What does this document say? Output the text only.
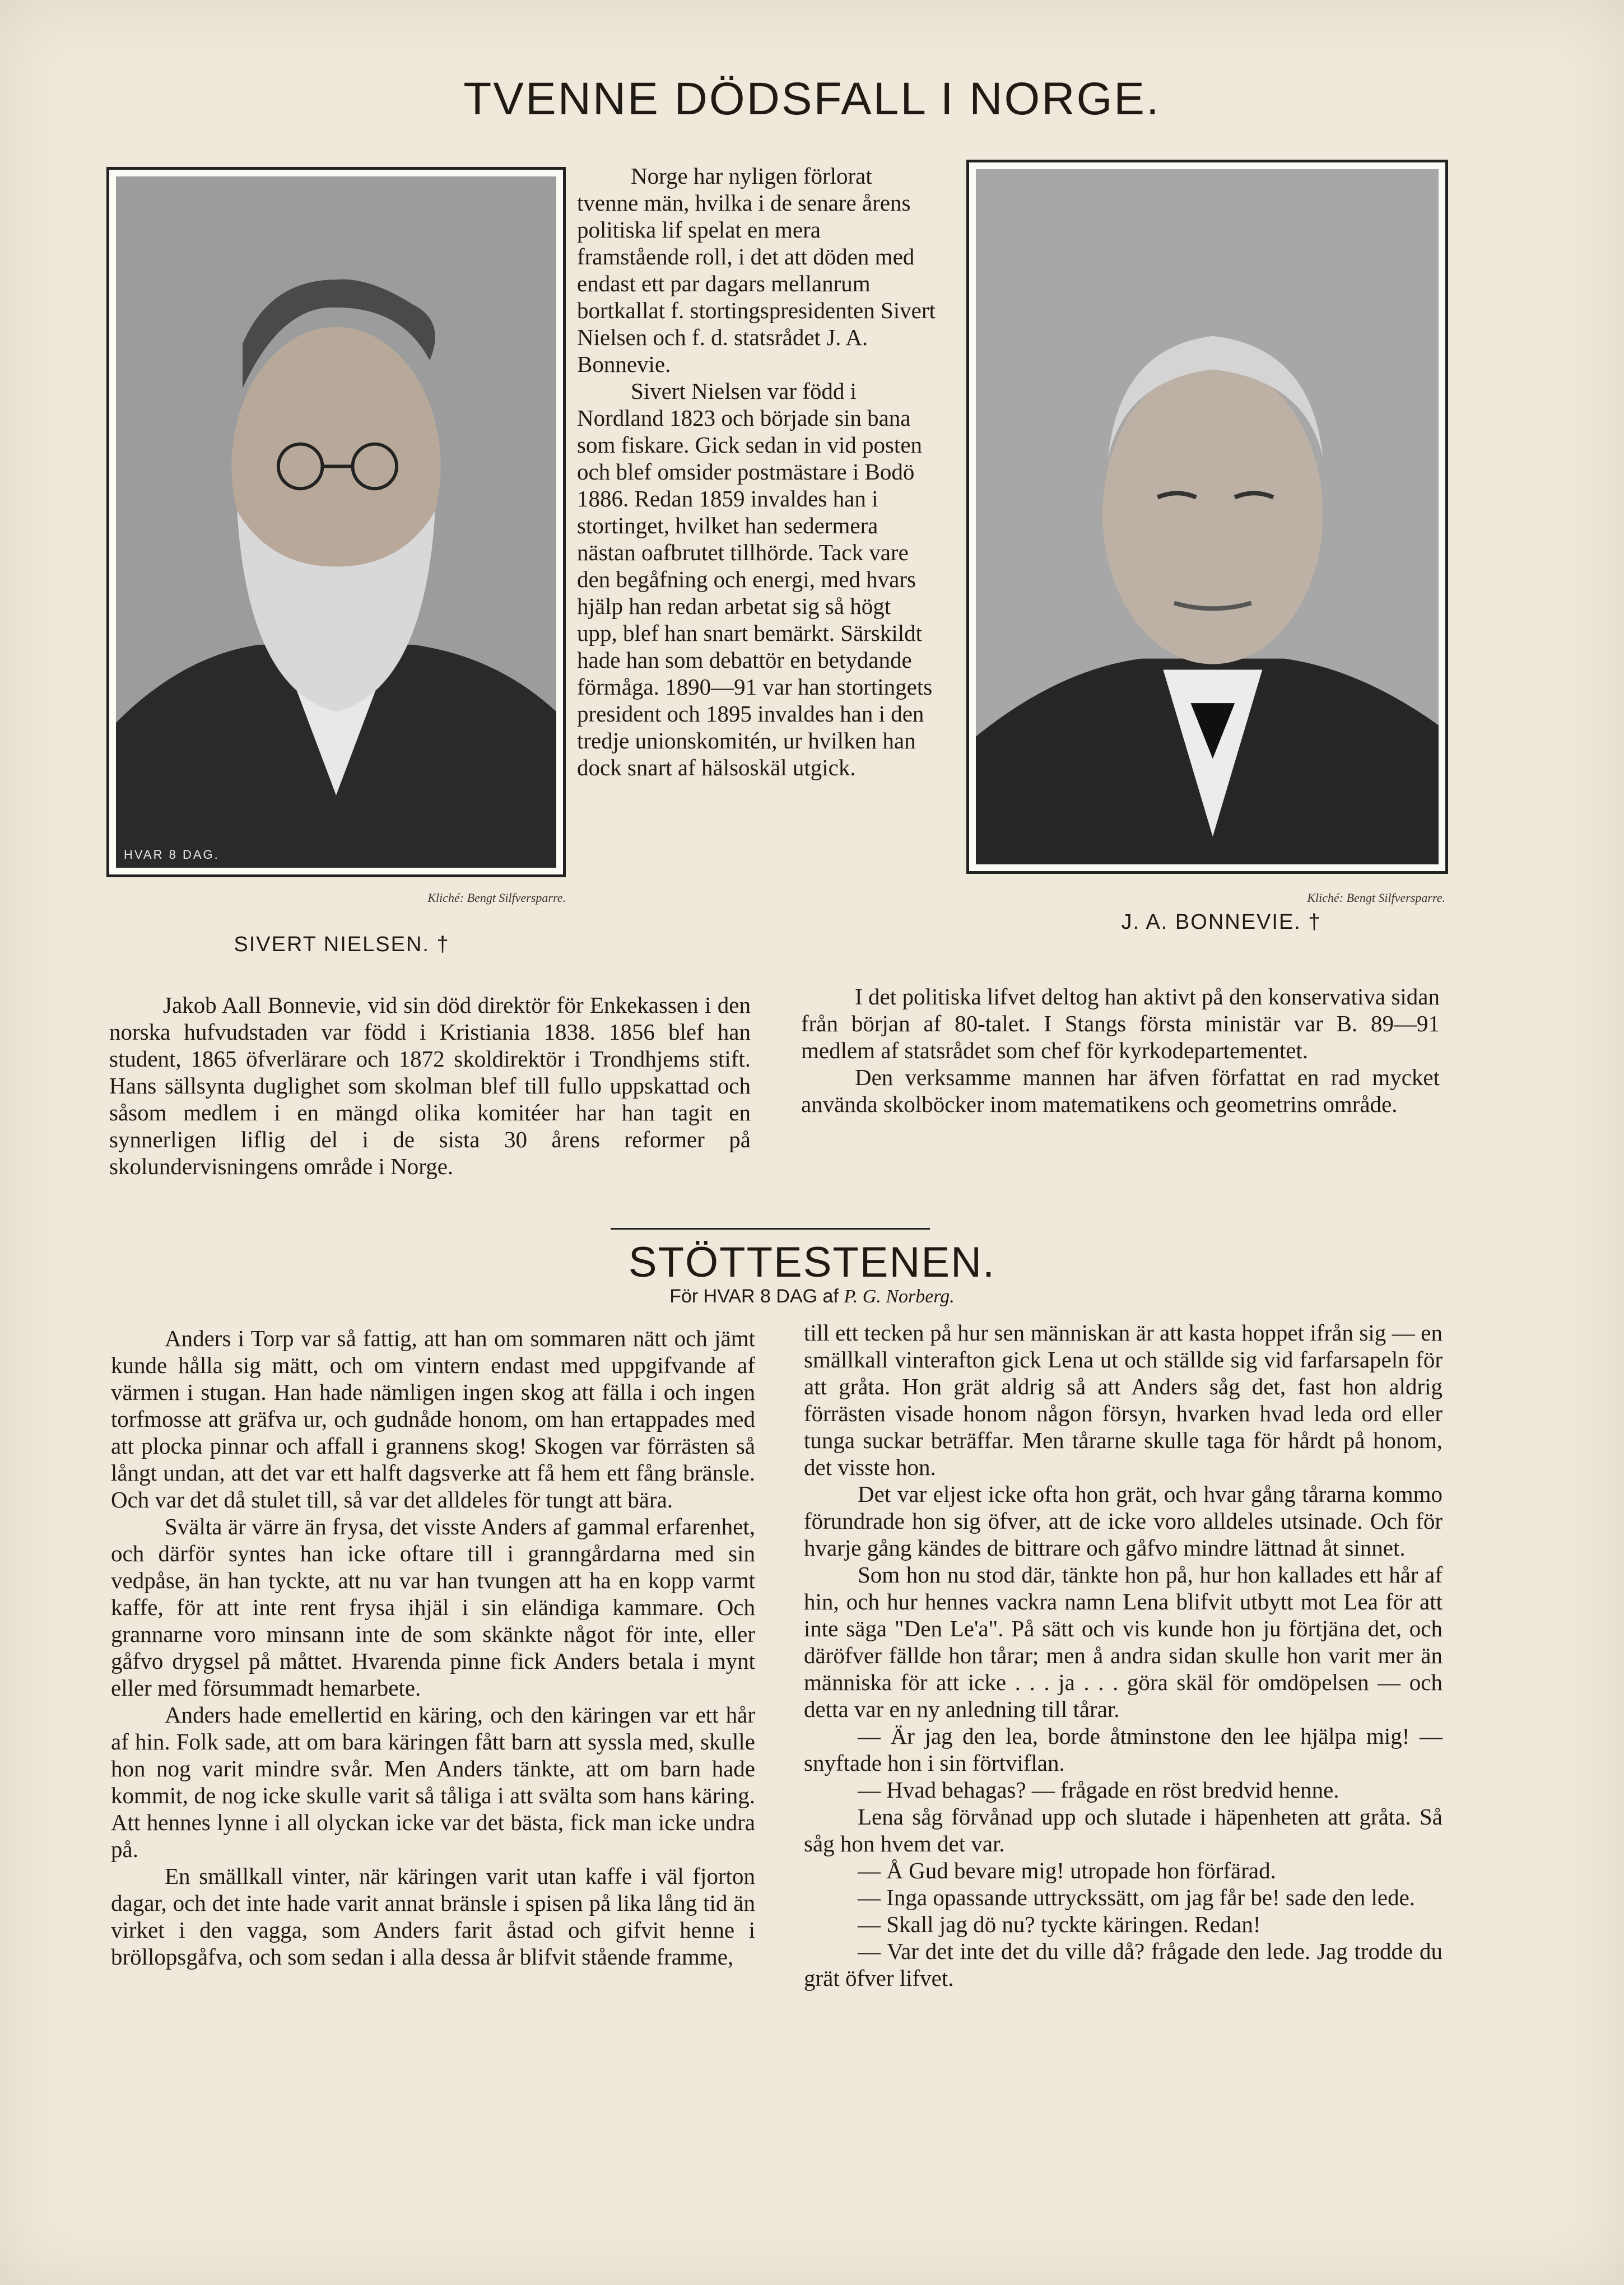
TVENNE DÖDSFALL I NORGE.
HVAR 8 DAG.
Kliché: Bengt Silfversparre.
SIVERT NIELSEN. †
Kliché: Bengt Silfversparre.
J. A. BONNEVIE. †

Norge har nyligen förlorat tvenne män, hvilka i de senare årens politiska lif spelat en mera framstående roll, i det att döden med endast ett par dagars mellanrum bortkallat f. stortingspresidenten Sivert Nielsen och f. d. statsrådet J. A. Bonnevie.

Sivert Nielsen var född i Nordland 1823 och började sin bana som fiskare. Gick sedan in vid posten och blef omsider postmästare i Bodö 1886. Redan 1859 invaldes han i stortinget, hvilket han sedermera nästan oafbrutet tillhörde. Tack vare den begåfning och energi, med hvars hjälp han redan arbetat sig så högt upp, blef han snart bemärkt. Särskildt hade han som debattör en betydande förmåga. 1890—91 var han stortingets president och 1895 invaldes han i den tredje unionskomitén, ur hvilken han dock snart af hälsoskäl utgick.

Jakob Aall Bonnevie, vid sin död direktör för Enkekassen i den norska hufvudstaden var född i Kristiania 1838. 1856 blef han student, 1865 öfverlärare och 1872 skoldirektör i Trondhjems stift. Hans sällsynta duglighet som skolman blef till fullo uppskattad och såsom medlem i en mängd olika komitéer har han tagit en synnerligen liflig del i de sista 30 årens reformer på skolundervisningens område i Norge.

I det politiska lifvet deltog han aktivt på den konservativa sidan från början af 80-talet. I Stangs första ministär var B. 89—91 medlem af statsrådet som chef för kyrkodepartementet.

Den verksamme mannen har äfven författat en rad mycket använda skolböcker inom matematikens och geometrins område.

STÖTTESTENEN.
För HVAR 8 DAG af P. G. Norberg.

Anders i Torp var så fattig, att han om sommaren nätt och jämt kunde hålla sig mätt, och om vintern endast med uppgifvande af värmen i stugan. Han hade nämligen ingen skog att fälla i och ingen torfmosse att gräfva ur, och gudnåde honom, om han ertappades med att plocka pinnar och affall i grannens skog! Skogen var förrästen så långt undan, att det var ett halft dagsverke att få hem ett fång bränsle. Och var det då stulet till, så var det alldeles för tungt att bära.

Svälta är värre än frysa, det visste Anders af gammal erfarenhet, och därför syntes han icke oftare till i granngårdarna med sin vedpåse, än han tyckte, att nu var han tvungen att ha en kopp varmt kaffe, för att inte rent frysa ihjäl i sin eländiga kammare. Och grannarne voro minsann inte de som skänkte något för inte, eller gåfvo drygsel på måttet. Hvarenda pinne fick Anders betala i mynt eller med försummadt hemarbete.

Anders hade emellertid en käring, och den käringen var ett hår af hin. Folk sade, att om bara käringen fått barn att syssla med, skulle hon nog varit mindre svår. Men Anders tänkte, att om barn hade kommit, de nog icke skulle varit så tåliga i att svälta som hans käring. Att hennes lynne i all olyckan icke var det bästa, fick man icke undra på.

En smällkall vinter, när käringen varit utan kaffe i väl fjorton dagar, och det inte hade varit annat bränsle i spisen på lika lång tid än virket i den vagga, som Anders farit åstad och gifvit henne i bröllopsgåfva, och som sedan i alla dessa år blifvit stående framme,

till ett tecken på hur sen människan är att kasta hoppet ifrån sig — en smällkall vinterafton gick Lena ut och ställde sig vid farfarsapeln för att gråta. Hon grät aldrig så att Anders såg det, fast hon aldrig förrästen visade honom någon försyn, hvarken hvad leda ord eller tunga suckar beträffar. Men tårarne skulle taga för hårdt på honom, det visste hon.

Det var eljest icke ofta hon grät, och hvar gång tårarna kommo förundrade hon sig öfver, att de icke voro alldeles utsinade. Och för hvarje gång kändes de bittrare och gåfvo mindre lättnad åt sinnet.

Som hon nu stod där, tänkte hon på, hur hon kallades ett hår af hin, och hur hennes vackra namn Lena blifvit utbytt mot Lea för att inte säga "Den Le'a". På sätt och vis kunde hon ju förtjäna det, och däröfver fällde hon tårar; men å andra sidan skulle hon varit mer än människa för att icke . . . ja . . . göra skäl för omdöpelsen — och detta var en ny anledning till tårar.

— Är jag den lea, borde åtminstone den lee hjälpa mig! — snyftade hon i sin förtviflan.

— Hvad behagas? — frågade en röst bredvid henne.

Lena såg förvånad upp och slutade i häpenheten att gråta. Så såg hon hvem det var.

— Å Gud bevare mig! utropade hon förfärad.

— Inga opassande uttryckssätt, om jag får be! sade den lede.

— Skall jag dö nu? tyckte käringen. Redan!

— Var det inte det du ville då? frågade den lede. Jag trodde du grät öfver lifvet.
